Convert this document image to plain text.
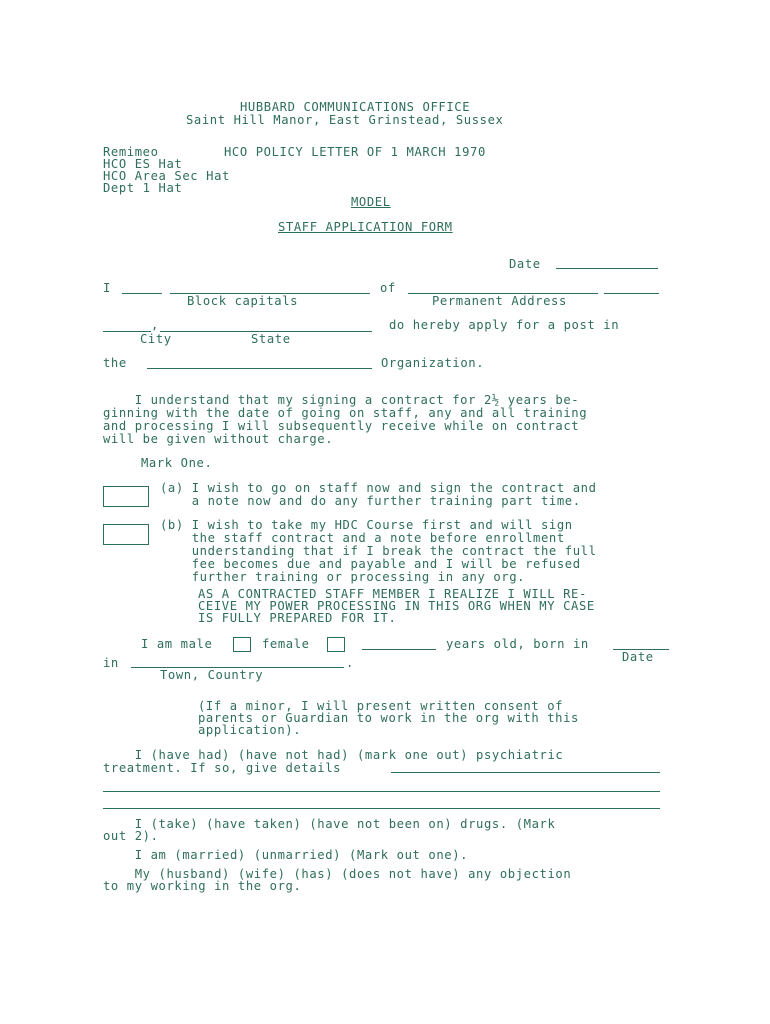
HUBBARD COMMUNICATIONS OFFICE
Saint Hill Manor, East Grinstead, Sussex
Remimeo
HCO ES Hat
HCO Area Sec Hat
Dept 1 Hat
HCO POLICY LETTER OF 1 MARCH 1970
MODEL
STAFF APPLICATION FORM
Date
I	of
Block capitals	Permanent Address
,	do hereby apply for a post in
City	State
the	Organization.
I understand that my signing a contract for 2½ years be-
ginning with the date of going on staff, any and all training
and processing I will subsequently receive while on contract
will be given without charge.
Mark One.
(a) I wish to go on staff now and sign the contract and
a note now and do any further training part time.
(b) I wish to take my HDC Course first and will sign
the staff contract and a note before enrollment
understanding that if I break the contract the full
fee becomes due and payable and I will be refused
further training or processing in any org.
AS A CONTRACTED STAFF MEMBER I REALIZE I WILL RE-
CEIVE MY POWER PROCESSING IN THIS ORG WHEN MY CASE
IS FULLY PREPARED FOR IT.
I am male	female	years old, born in
Date
in	.
Town, Country
(If a minor, I will present written consent of
parents or Guardian to work in the org with this
application).
I (have had) (have not had) (mark one out) psychiatric
treatment. If so, give details
I (take) (have taken) (have not been on) drugs. (Mark
out 2).
I am (married) (unmarried) (Mark out one).
My (husband) (wife) (has) (does not have) any objection
to my working in the org.
